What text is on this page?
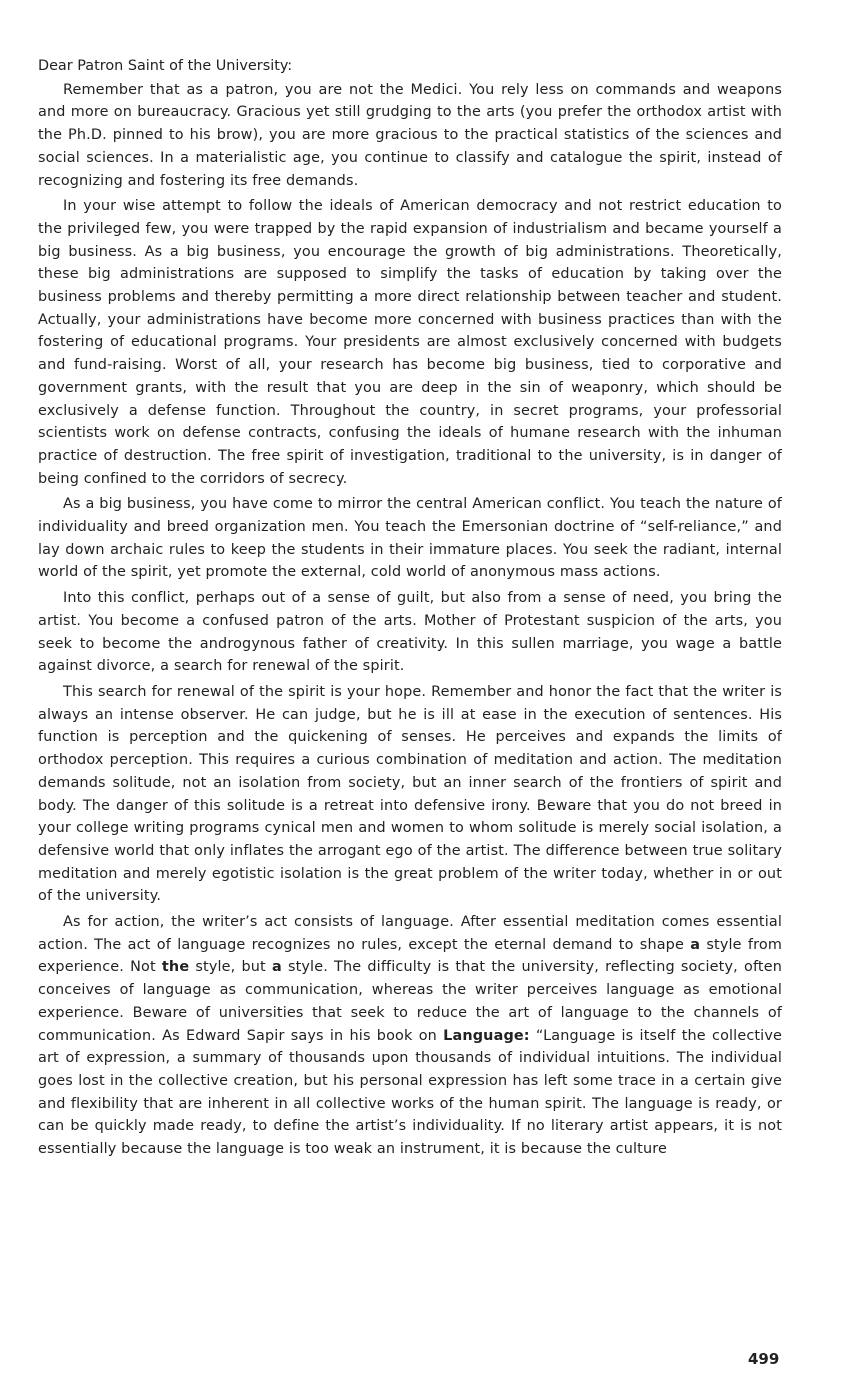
Dear Patron Saint of the University:

Remember that as a patron, you are not the Medici. You rely less on commands and weapons and more on bureaucracy. Gracious yet still grudging to the arts (you prefer the orthodox artist with the Ph.D. pinned to his brow), you are more gracious to the practical statistics of the sciences and social sciences. In a materialistic age, you continue to classify and catalogue the spirit, instead of recognizing and fostering its free demands.

In your wise attempt to follow the ideals of American democracy and not restrict education to the privileged few, you were trapped by the rapid expansion of industrialism and became yourself a big business. As a big business, you encourage the growth of big administrations. Theoretically, these big administrations are supposed to simplify the tasks of education by taking over the business problems and thereby permitting a more direct relationship between teacher and student. Actually, your administrations have become more concerned with business practices than with the fostering of educational programs. Your presidents are almost exclusively concerned with budgets and fund-raising. Worst of all, your research has become big business, tied to corporative and government grants, with the result that you are deep in the sin of weaponry, which should be exclusively a defense function. Throughout the country, in secret programs, your professorial scientists work on defense contracts, confusing the ideals of humane research with the inhuman practice of destruction. The free spirit of investigation, traditional to the university, is in danger of being confined to the corridors of secrecy.

As a big business, you have come to mirror the central American conflict. You teach the nature of individuality and breed organization men. You teach the Emersonian doctrine of “self-reliance,” and lay down archaic rules to keep the students in their immature places. You seek the radiant, internal world of the spirit, yet promote the external, cold world of anonymous mass actions.

Into this conflict, perhaps out of a sense of guilt, but also from a sense of need, you bring the artist. You become a confused patron of the arts. Mother of Protestant suspicion of the arts, you seek to become the androgynous father of creativity. In this sullen marriage, you wage a battle against divorce, a search for renewal of the spirit.

This search for renewal of the spirit is your hope. Remember and honor the fact that the writer is always an intense observer. He can judge, but he is ill at ease in the execution of sentences. His function is perception and the quickening of senses. He perceives and expands the limits of orthodox perception. This requires a curious combination of meditation and action. The meditation demands solitude, not an isolation from society, but an inner search of the frontiers of spirit and body. The danger of this solitude is a retreat into defensive irony. Beware that you do not breed in your college writing programs cynical men and women to whom solitude is merely social isolation, a defensive world that only inflates the arrogant ego of the artist. The difference between true solitary meditation and merely egotistic isolation is the great problem of the writer today, whether in or out of the university.

As for action, the writer’s act consists of language. After essential meditation comes essential action. The act of language recognizes no rules, except the eternal demand to shape a style from experience. Not the style, but a style. The difficulty is that the university, reflecting society, often conceives of language as communication, whereas the writer perceives language as emotional experience. Beware of universities that seek to reduce the art of language to the channels of communication. As Edward Sapir says in his book on Language: “Language is itself the collective art of expression, a summary of thousands upon thousands of individual intuitions. The individual goes lost in the collective creation, but his personal expression has left some trace in a certain give and flexibility that are inherent in all collective works of the human spirit. The language is ready, or can be quickly made ready, to define the artist’s individuality. If no literary artist appears, it is not essentially because the language is too weak an instrument, it is because the culture

499
